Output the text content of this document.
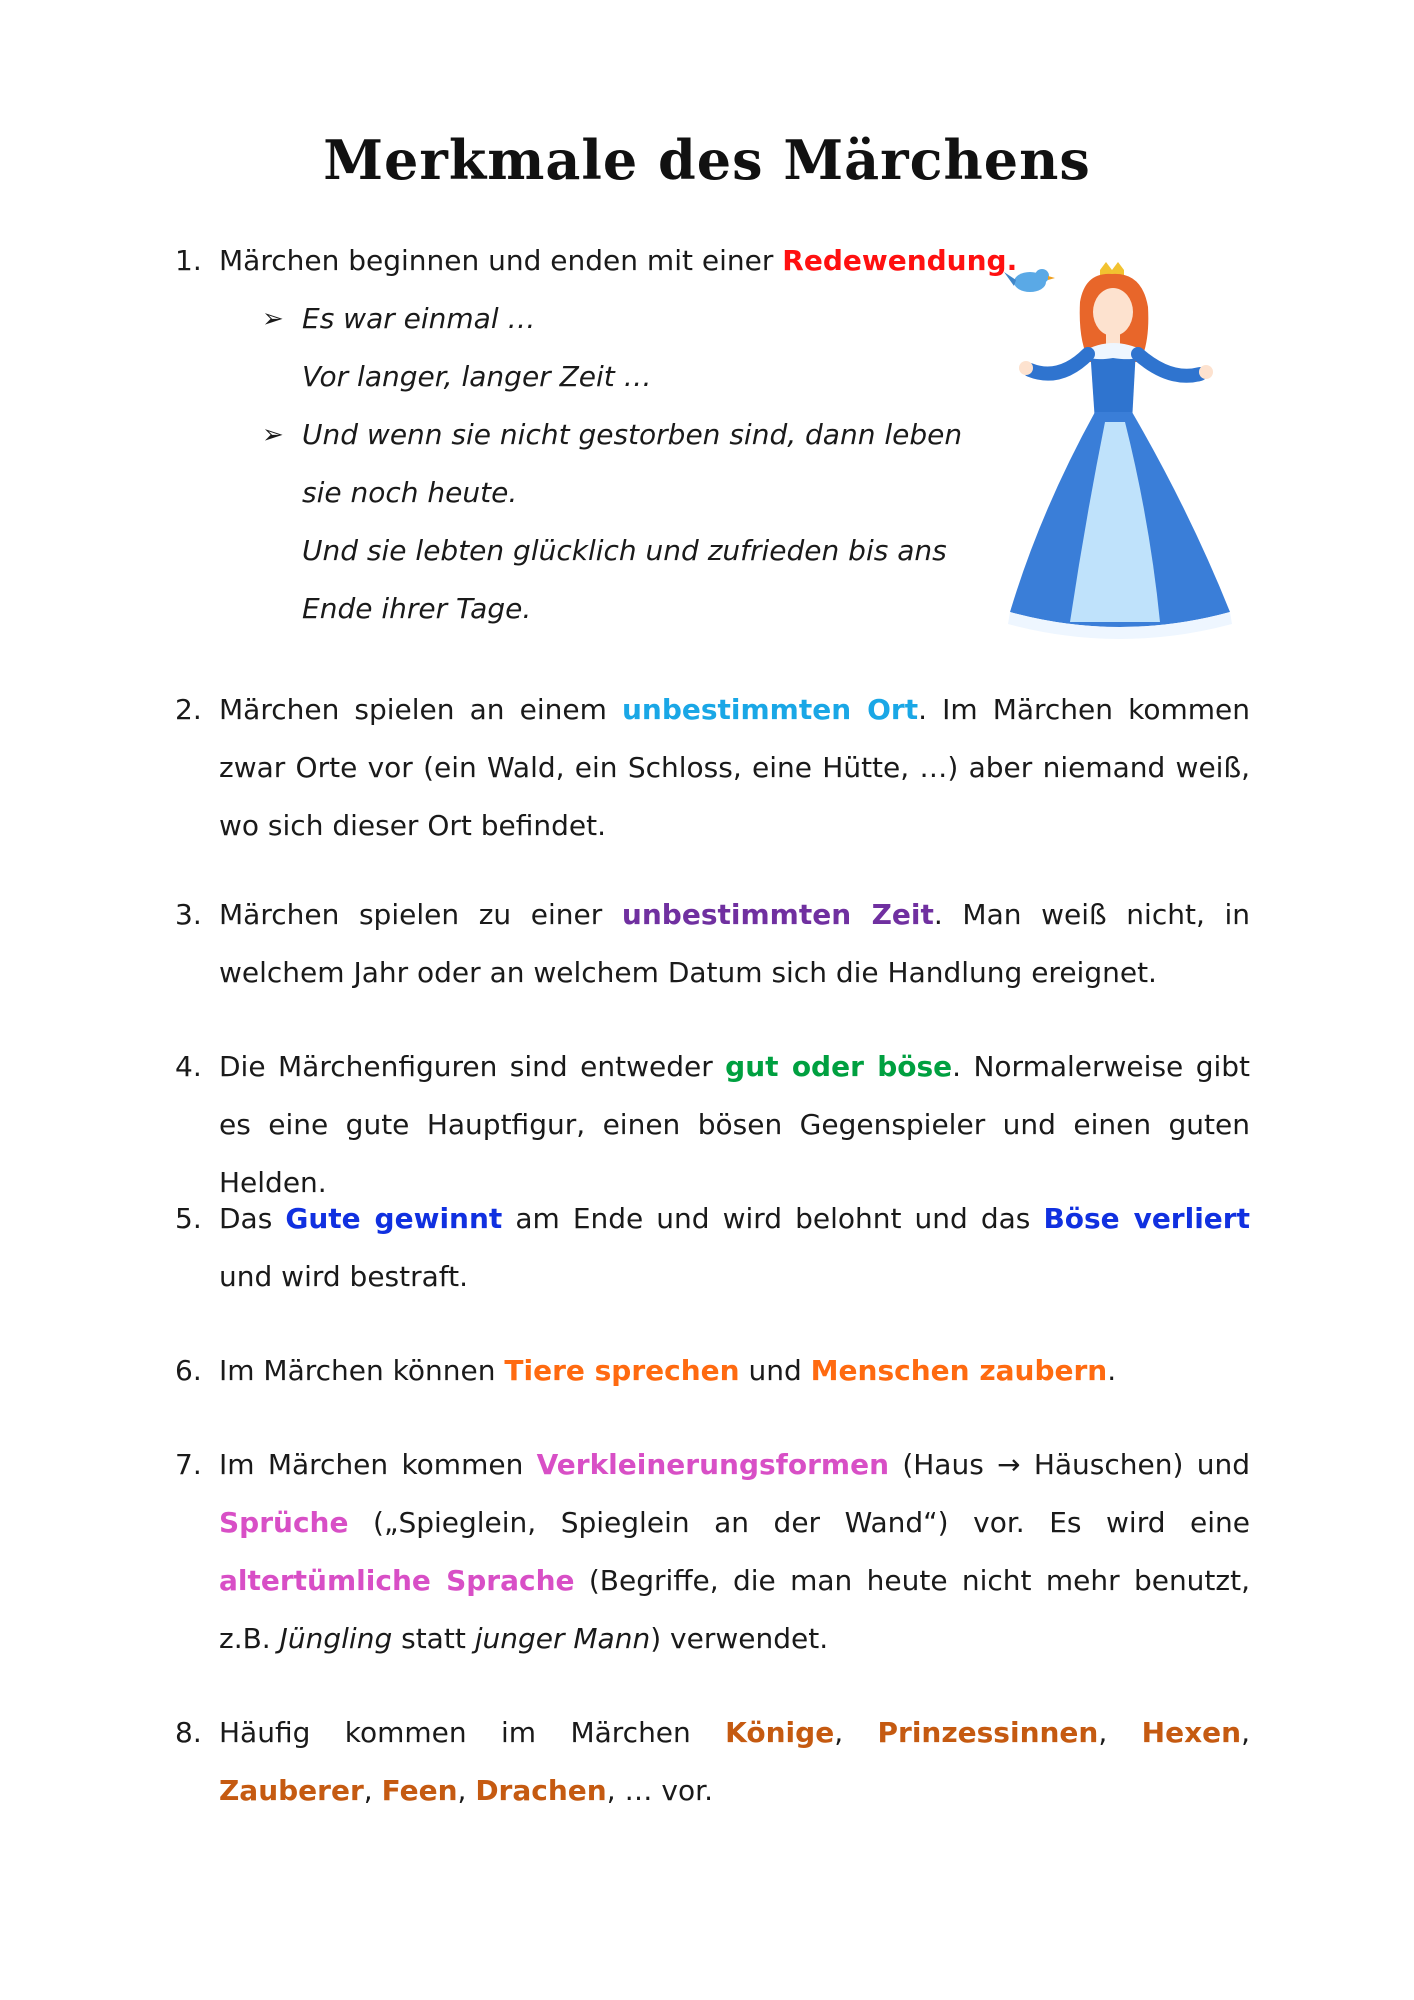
Merkmale des Märchens
1. Märchen beginnen und enden mit einer Redewendung.
➢ Es war einmal …
Vor langer, langer Zeit …
➢ Und wenn sie nicht gestorben sind, dann leben
sie noch heute.
Und sie lebten glücklich und zufrieden bis ans
Ende ihrer Tage.
2. Märchen spielen an einem unbestimmten Ort. Im Märchen kommen zwar Orte vor (ein Wald, ein Schloss, eine Hütte, …) aber niemand weiß, wo sich dieser Ort befindet.
3. Märchen spielen zu einer unbestimmten Zeit. Man weiß nicht, in welchem Jahr oder an welchem Datum sich die Handlung ereignet.
4. Die Märchenfiguren sind entweder gut oder böse. Normalerweise gibt es eine gute Hauptfigur, einen bösen Gegenspieler und einen guten Helden.
5. Das Gute gewinnt am Ende und wird belohnt und das Böse verliert und wird bestraft.
6. Im Märchen können Tiere sprechen und Menschen zaubern.
7. Im Märchen kommen Verkleinerungsformen (Haus → Häuschen) und Sprüche („Spieglein, Spieglein an der Wand“) vor. Es wird eine altertümliche Sprache (Begriffe, die man heute nicht mehr benutzt, z.B. Jüngling statt junger Mann) verwendet.
8. Häufig kommen im Märchen Könige, Prinzessinnen, Hexen, Zauberer, Feen, Drachen, … vor.
